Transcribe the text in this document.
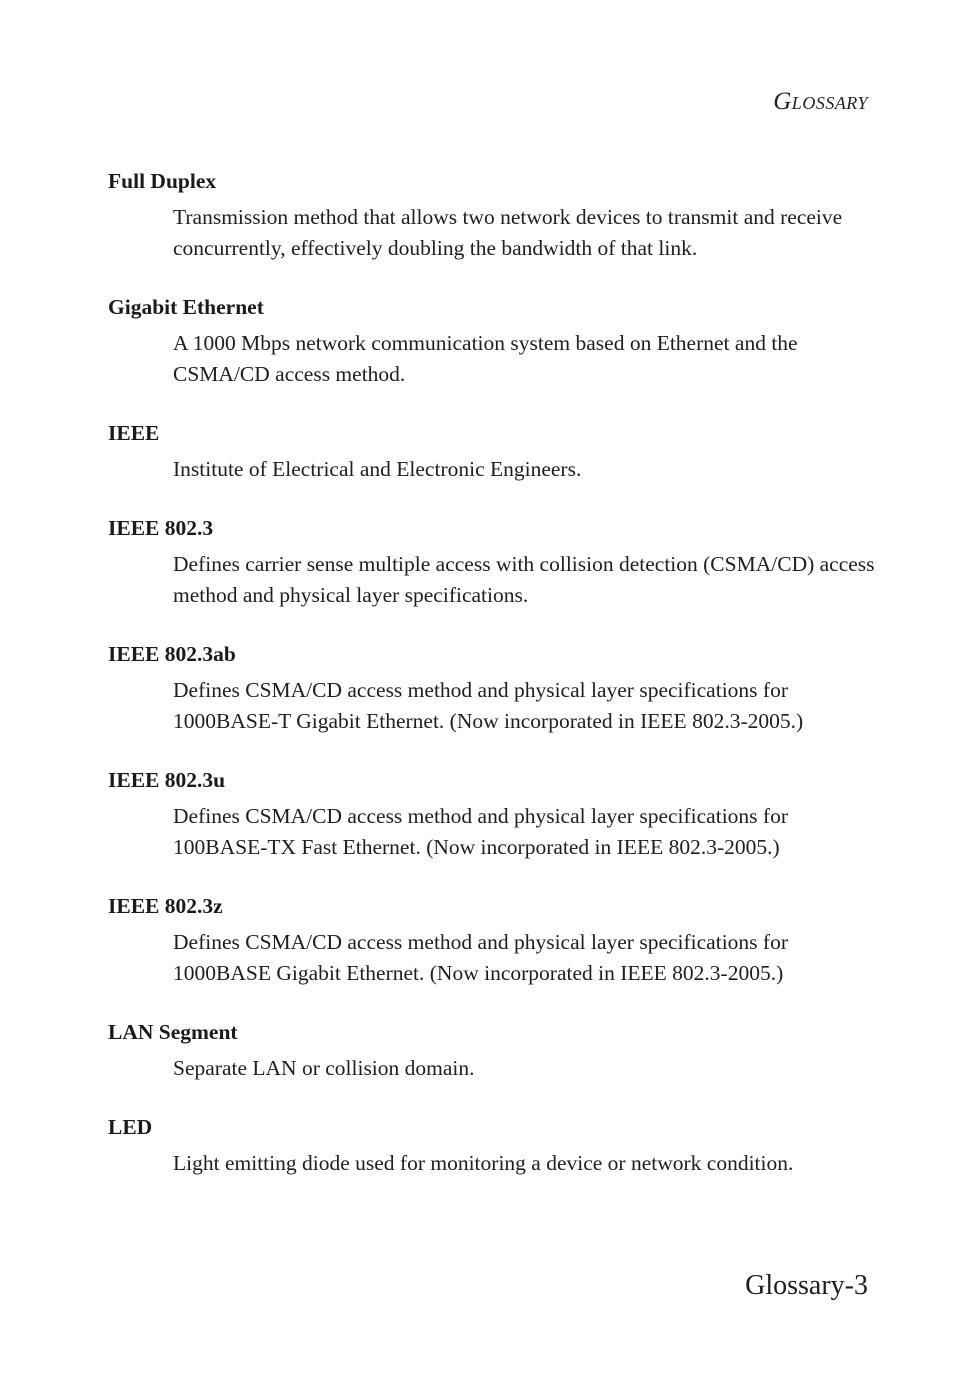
Glossary
Full Duplex
Transmission method that allows two network devices to transmit and receive concurrently, effectively doubling the bandwidth of that link.
Gigabit Ethernet
A 1000 Mbps network communication system based on Ethernet and the CSMA/CD access method.
IEEE
Institute of Electrical and Electronic Engineers.
IEEE 802.3
Defines carrier sense multiple access with collision detection (CSMA/CD) access method and physical layer specifications.
IEEE 802.3ab
Defines CSMA/CD access method and physical layer specifications for 1000BASE-T Gigabit Ethernet. (Now incorporated in IEEE 802.3-2005.)
IEEE 802.3u
Defines CSMA/CD access method and physical layer specifications for 100BASE-TX Fast Ethernet. (Now incorporated in IEEE 802.3-2005.)
IEEE 802.3z
Defines CSMA/CD access method and physical layer specifications for 1000BASE Gigabit Ethernet. (Now incorporated in IEEE 802.3-2005.)
LAN Segment
Separate LAN or collision domain.
LED
Light emitting diode used for monitoring a device or network condition.
Glossary-3
